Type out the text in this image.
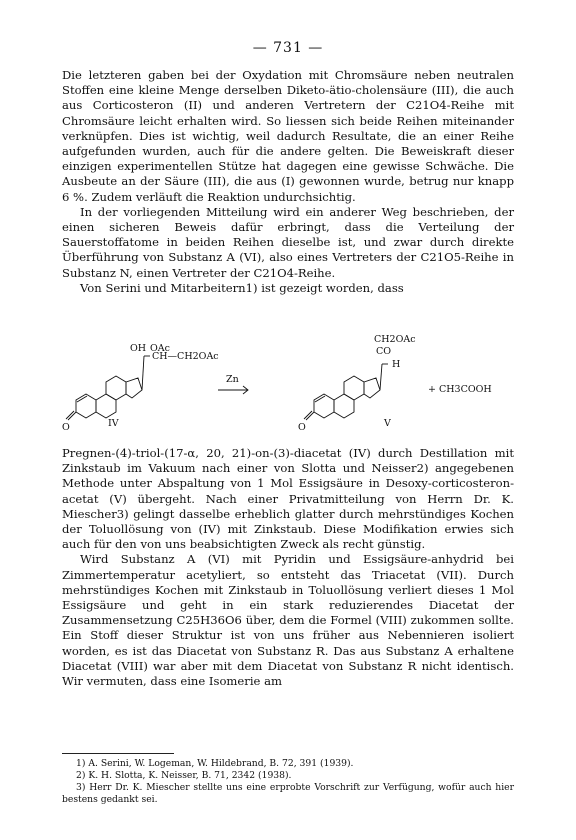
— 731 —

Die letzteren gaben bei der Oxydation mit Chromsäure neben neutralen Stoffen eine kleine Menge derselben Diketo-ätio-cholensäure (III), die auch aus Corticosteron (II) und anderen Vertretern der C21O4-Reihe mit Chromsäure leicht erhalten wird. So liessen sich beide Reihen miteinander verknüpfen. Dies ist wichtig, weil dadurch Resultate, die an einer Reihe aufgefunden wurden, auch für die andere gelten. Die Beweiskraft dieser einzigen experimentellen Stütze hat dagegen eine gewisse Schwäche. Die Ausbeute an der Säure (III), die aus (I) gewonnen wurde, betrug nur knapp 6 %. Zudem verläuft die Reaktion undurchsichtig.

In der vorliegenden Mitteilung wird ein anderer Weg beschrieben, der einen sicheren Beweis dafür erbringt, dass die Verteilung der Sauerstoffatome in beiden Reihen dieselbe ist, und zwar durch direkte Überführung von Substanz A (VI), also eines Vertreters der C21O5-Reihe in Substanz N, einen Vertreter der C21O4-Reihe.

Von Serini und Mitarbeitern1) ist gezeigt worden, dass

OH OAc
CH—CH2OAc
IV
O
Zn
CH2OAc
CO
H
V
O
+ CH3COOH

Pregnen-(4)-triol-(17-α, 20, 21)-on-(3)-diacetat (IV) durch Destillation mit Zinkstaub im Vakuum nach einer von Slotta und Neisser2) angegebenen Methode unter Abspaltung von 1 Mol Essigsäure in Desoxy-corticosteron-acetat (V) übergeht. Nach einer Privatmitteilung von Herrn Dr. K. Miescher3) gelingt dasselbe erheblich glatter durch mehrstündiges Kochen der Toluollösung von (IV) mit Zinkstaub. Diese Modifikation erwies sich auch für den von uns beabsichtigten Zweck als recht günstig.

Wird Substanz A (VI) mit Pyridin und Essigsäure-anhydrid bei Zimmertemperatur acetyliert, so entsteht das Triacetat (VII). Durch mehrstündiges Kochen mit Zinkstaub in Toluollösung verliert dieses 1 Mol Essigsäure und geht in ein stark reduzierendes Diacetat der Zusammensetzung C25H36O6 über, dem die Formel (VIII) zukommen sollte. Ein Stoff dieser Struktur ist von uns früher aus Nebennieren isoliert worden, es ist das Diacetat von Substanz R. Das aus Substanz A erhaltene Diacetat (VIII) war aber mit dem Diacetat von Substanz R nicht identisch. Wir vermuten, dass eine Isomerie am

1) A. Serini, W. Logeman, W. Hildebrand, B. 72, 391 (1939).

2) K. H. Slotta, K. Neisser, B. 71, 2342 (1938).

3) Herr Dr. K. Miescher stellte uns eine erprobte Vorschrift zur Verfügung, wofür auch hier bestens gedankt sei.
